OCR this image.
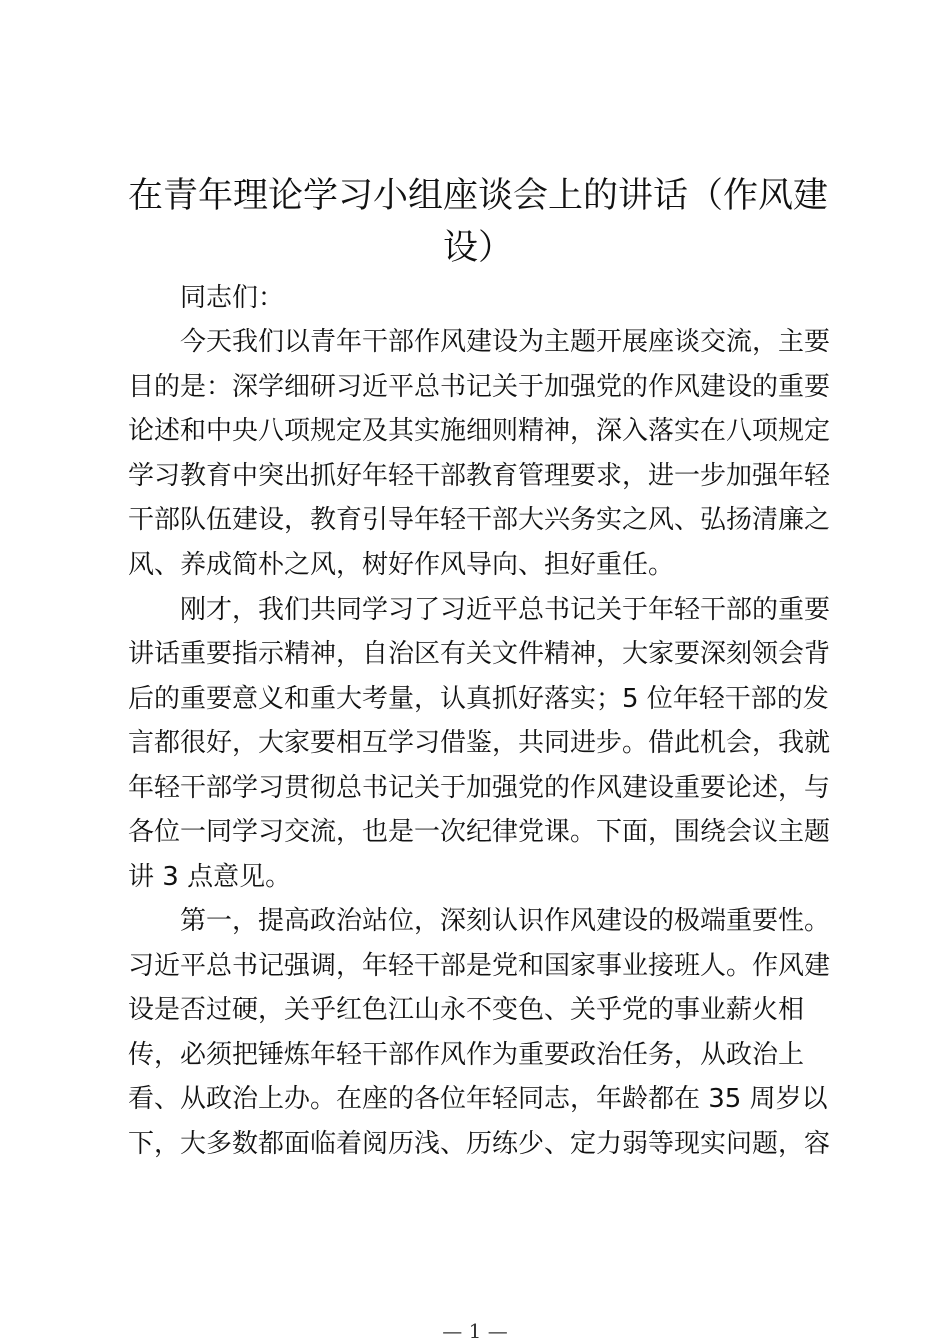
在青年理论学习小组座谈会上的讲话（作风建设）

同志们：

今天我们以青年干部作风建设为主题开展座谈交流，主要

目的是：深学细研习近平总书记关于加强党的作风建设的重要

论述和中央八项规定及其实施细则精神，深入落实在八项规定

学习教育中突出抓好年轻干部教育管理要求，进一步加强年轻

干部队伍建设，教育引导年轻干部大兴务实之风、弘扬清廉之

风、养成简朴之风，树好作风导向、担好重任。

刚才，我们共同学习了习近平总书记关于年轻干部的重要

讲话重要指示精神，自治区有关文件精神，大家要深刻领会背

后的重要意义和重大考量，认真抓好落实；5 位年轻干部的发

言都很好，大家要相互学习借鉴，共同进步。借此机会，我就

年轻干部学习贯彻总书记关于加强党的作风建设重要论述，与

各位一同学习交流，也是一次纪律党课。下面，围绕会议主题

讲 3 点意见。

第一，提高政治站位，深刻认识作风建设的极端重要性。

习近平总书记强调，年轻干部是党和国家事业接班人。作风建

设是否过硬，关乎红色江山永不变色、关乎党的事业薪火相

传，必须把锤炼年轻干部作风作为重要政治任务，从政治上

看、从政治上办。在座的各位年轻同志，年龄都在 35 周岁以

下，大多数都面临着阅历浅、历练少、定力弱等现实问题，容

— 1 —
